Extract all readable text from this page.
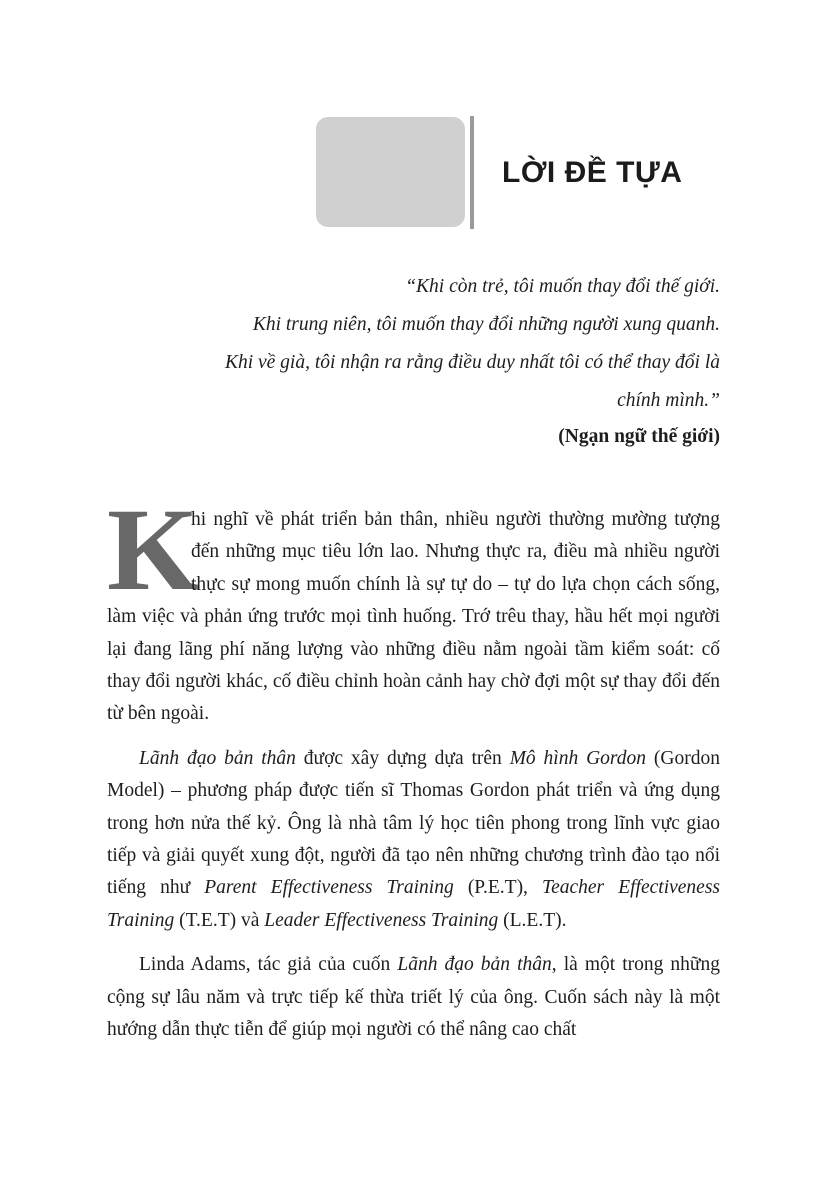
LỜI ĐỀ TỰA
“Khi còn trẻ, tôi muốn thay đổi thế giới.
Khi trung niên, tôi muốn thay đổi những người xung quanh.
Khi về già, tôi nhận ra rằng điều duy nhất tôi có thể thay đổi là
chính mình.”
(Ngạn ngữ thế giới)

K
hi nghĩ về phát triển bản thân, nhiều người thường mường tượng đến những mục tiêu lớn lao. Nhưng thực ra, điều mà nhiều người thực sự mong muốn chính là sự tự do – tự do lựa chọn cách sống, làm việc và phản ứng trước mọi tình huống. Trớ trêu thay, hầu hết mọi người lại đang lãng phí năng lượng vào những điều nằm ngoài tầm kiểm soát: cố thay đổi người khác, cố điều chỉnh hoàn cảnh hay chờ đợi một sự thay đổi đến từ bên ngoài.

Lãnh đạo bản thân được xây dựng dựa trên Mô hình Gordon (Gordon Model) – phương pháp được tiến sĩ Thomas Gordon phát triển và ứng dụng trong hơn nửa thế kỷ. Ông là nhà tâm lý học tiên phong trong lĩnh vực giao tiếp và giải quyết xung đột, người đã tạo nên những chương trình đào tạo nổi tiếng như Parent Effectiveness Training (P.E.T), Teacher Effectiveness Training (T.E.T) và Leader Effectiveness Training (L.E.T).

Linda Adams, tác giả của cuốn Lãnh đạo bản thân, là một trong những cộng sự lâu năm và trực tiếp kế thừa triết lý của ông. Cuốn sách này là một hướng dẫn thực tiễn để giúp mọi người có thể nâng cao chất
